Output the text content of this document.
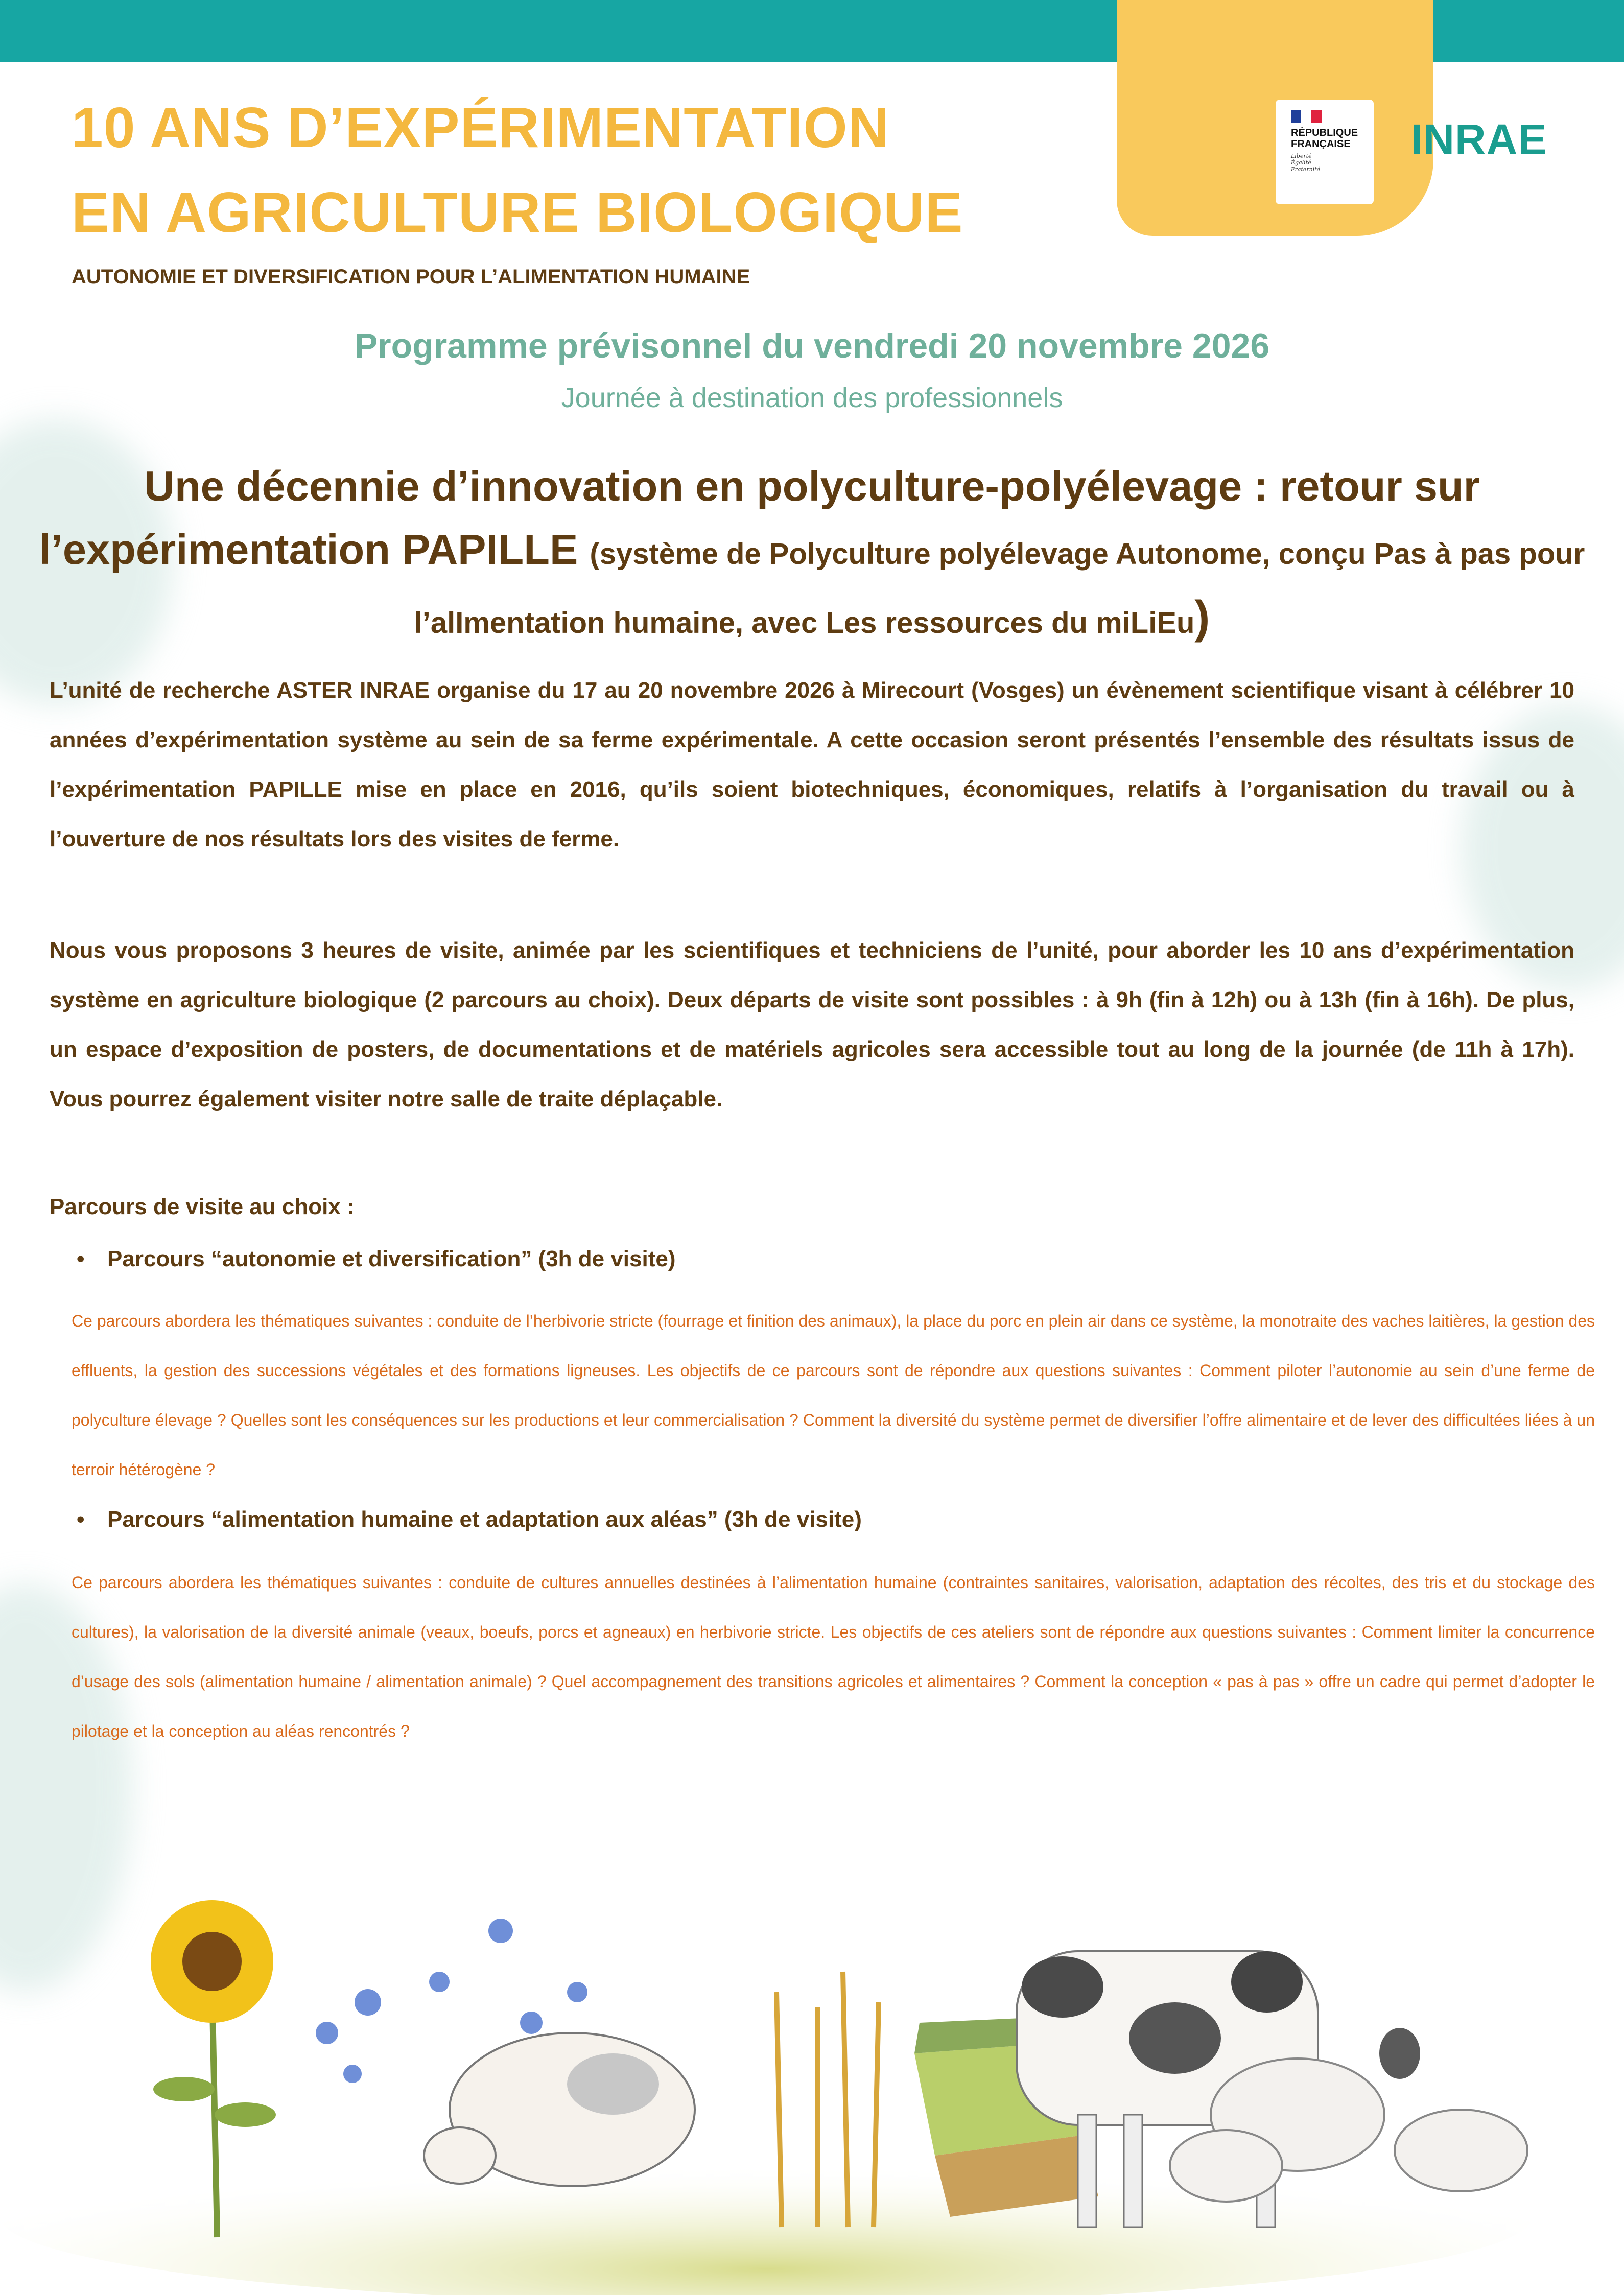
RÉPUBLIQUE
FRANÇAISE
Liberté
Égalité
Fraternité
INRAE
10 ANS D’EXPÉRIMENTATION
EN AGRICULTURE BIOLOGIQUE
AUTONOMIE ET DIVERSIFICATION POUR L’ALIMENTATION HUMAINE
Programme prévisonnel du vendredi 20 novembre 2026
Journée à destination des professionnels
Une décennie d’innovation en polyculture-polyélevage : retour sur
l’expérimentation PAPILLE (système de Polyculture polyélevage Autonome, conçu Pas à pas pour
l’alImentation humaine, avec Les ressources du miLiEu)
L’unité de recherche ASTER INRAE organise du 17 au 20 novembre 2026 à Mirecourt (Vosges) un évènement scientifique visant à célébrer 10 années d’expérimentation système au sein de sa ferme expérimentale. A cette occasion seront présentés l’ensemble des résultats issus de l’expérimentation PAPILLE mise en place en 2016, qu’ils soient biotechniques, économiques, relatifs à l’organisation du travail ou à l’ouverture de nos résultats lors des visites de ferme.
Nous vous proposons 3 heures de visite, animée par les scientifiques et techniciens de l’unité, pour aborder les 10 ans d’expérimentation système en agriculture biologique (2 parcours au choix). Deux départs de visite sont possibles : à 9h (fin à 12h) ou à 13h (fin à 16h). De plus, un espace d’exposition de posters, de documentations et de matériels agricoles sera accessible tout au long de la journée (de 11h à 17h). Vous pourrez également visiter notre salle de traite déplaçable.
Parcours de visite au choix :
• Parcours “autonomie et diversification” (3h de visite)
Ce parcours abordera les thématiques suivantes : conduite de l’herbivorie stricte (fourrage et finition des animaux), la place du porc en plein air dans ce système, la monotraite des vaches laitières, la gestion des effluents, la gestion des successions végétales et des formations ligneuses. Les objectifs de ce parcours sont de répondre aux questions suivantes : Comment piloter l’autonomie au sein d’une ferme de polyculture élevage ? Quelles sont les conséquences sur les productions et leur commercialisation ? Comment la diversité du système permet de diversifier l’offre alimentaire et de lever des difficultées liées à un terroir hétérogène ?
• Parcours “alimentation humaine et adaptation aux aléas” (3h de visite)
Ce parcours abordera les thématiques suivantes : conduite de cultures annuelles destinées à l’alimentation humaine (contraintes sanitaires, valorisation, adaptation des récoltes, des tris et du stockage des cultures), la valorisation de la diversité animale (veaux, boeufs, porcs et agneaux) en herbivorie stricte. Les objectifs de ces ateliers sont de répondre aux questions suivantes : Comment limiter la concurrence d’usage des sols (alimentation humaine / alimentation animale) ? Quel accompagnement des transitions agricoles et alimentaires ? Comment la conception « pas à pas » offre un cadre qui permet d’adopter le pilotage et la conception au aléas rencontrés ?
